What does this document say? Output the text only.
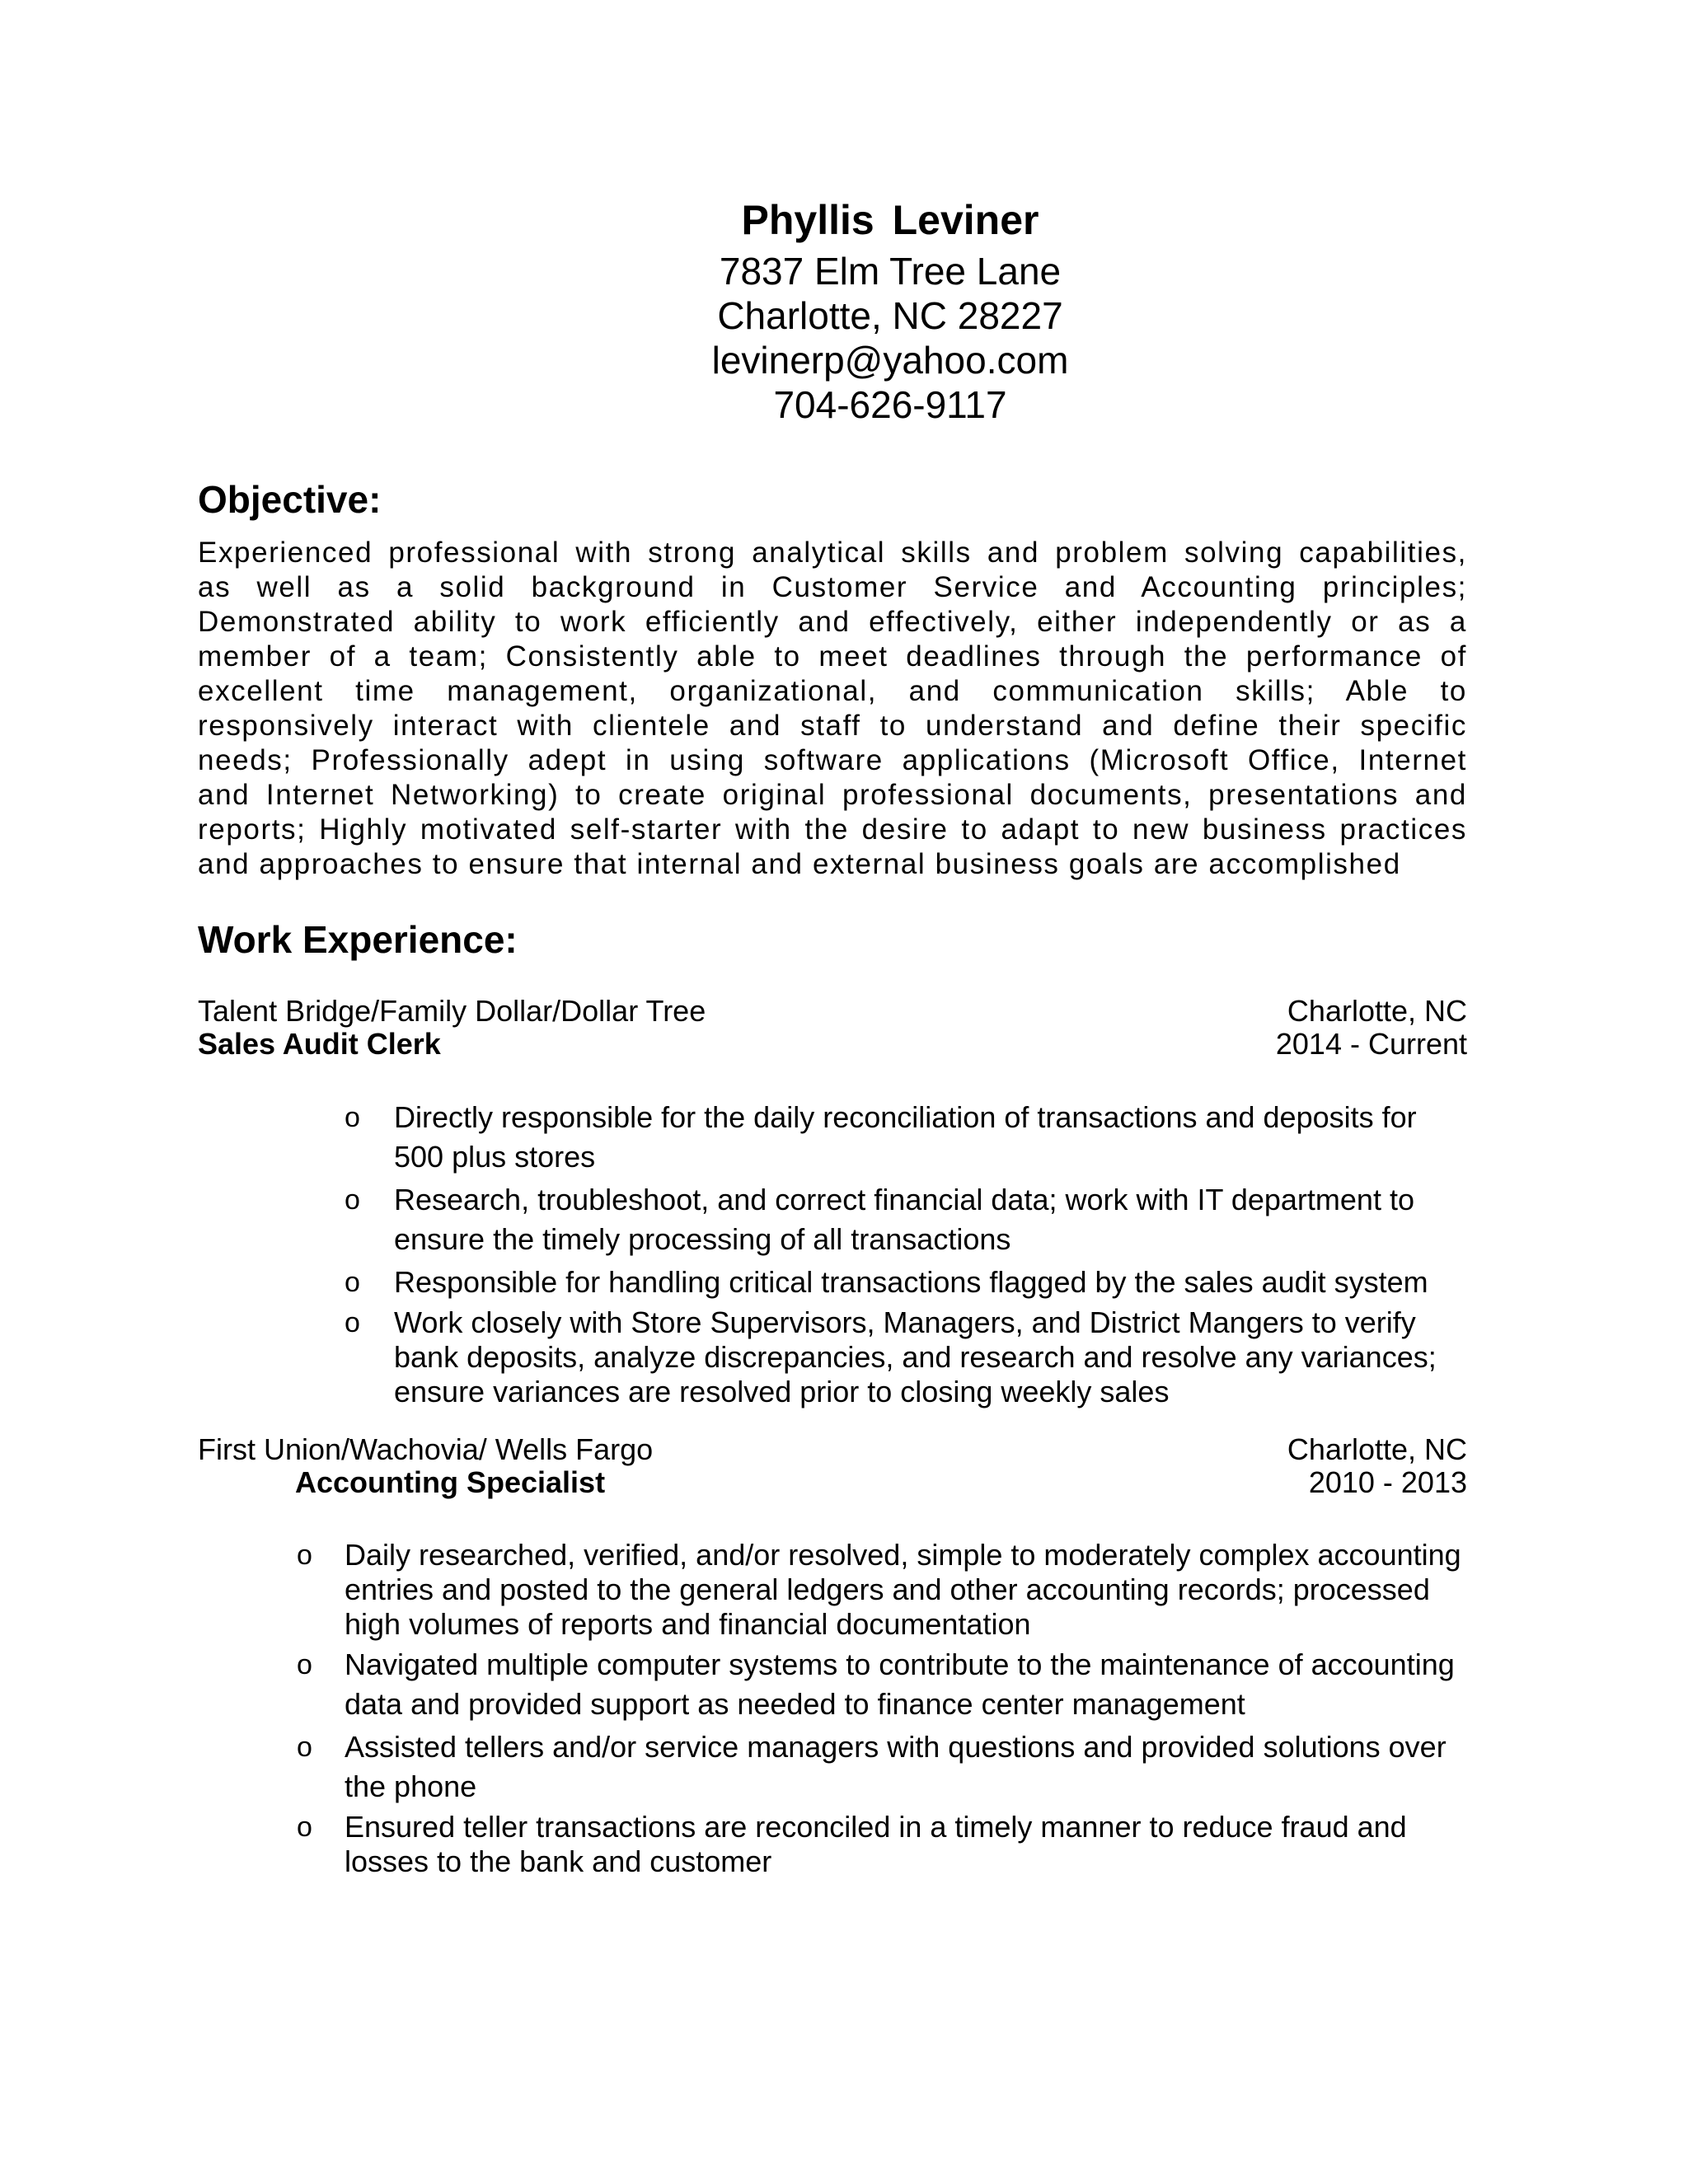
Phyllis Leviner
7837 Elm Tree Lane
Charlotte, NC 28227
levinerp@yahoo.com
704-626-9117
Objective:
Experienced professional with strong analytical skills and problem solving capabilities,
as well as a solid background in Customer Service and Accounting principles;
Demonstrated ability to work efficiently and effectively, either independently or as a
member of a team; Consistently able to meet deadlines through the performance of
excellent time management, organizational, and communication skills; Able to
responsively interact with clientele and staff to understand and define their specific
needs; Professionally adept in using software applications (Microsoft Office, Internet
and Internet Networking) to create original professional documents, presentations and
reports; Highly motivated self-starter with the desire to adapt to new business practices
and approaches to ensure that internal and external business goals are accomplished
Work Experience:
Talent Bridge/Family Dollar/Dollar Tree	Charlotte, NC
Sales Audit Clerk	2014 - Current
o Directly responsible for the daily reconciliation of transactions and deposits for 500 plus stores
o Research, troubleshoot, and correct financial data; work with IT department to ensure the timely processing of all transactions
o Responsible for handling critical transactions flagged by the sales audit system
o Work closely with Store Supervisors, Managers, and District Mangers to verify bank deposits, analyze discrepancies, and research and resolve any variances; ensure variances are resolved prior to closing weekly sales
First Union/Wachovia/ Wells Fargo	Charlotte, NC
Accounting Specialist	2010 - 2013
o Daily researched, verified, and/or resolved, simple to moderately complex accounting entries and posted to the general ledgers and other accounting records; processed high volumes of reports and financial documentation
o Navigated multiple computer systems to contribute to the maintenance of accounting data and provided support as needed to finance center management
o Assisted tellers and/or service managers with questions and provided solutions over the phone
o Ensured teller transactions are reconciled in a timely manner to reduce fraud and losses to the bank and customer
